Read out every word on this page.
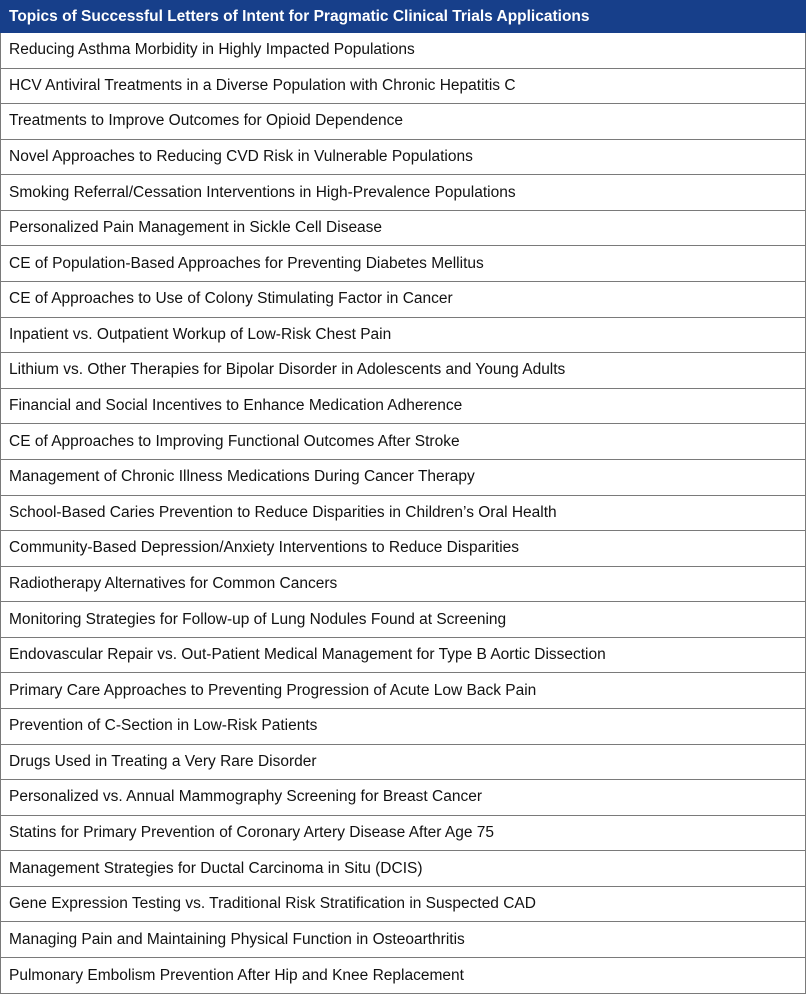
Topics of Successful Letters of Intent for Pragmatic Clinical Trials Applications
Reducing Asthma Morbidity in Highly Impacted Populations
HCV Antiviral Treatments in a Diverse Population with Chronic Hepatitis C
Treatments to Improve Outcomes for Opioid Dependence
Novel Approaches to Reducing CVD Risk in Vulnerable Populations
Smoking Referral/Cessation Interventions in High-Prevalence Populations
Personalized Pain Management in Sickle Cell Disease
CE of Population-Based Approaches for Preventing Diabetes Mellitus
CE of Approaches to Use of Colony Stimulating Factor in Cancer
Inpatient vs. Outpatient Workup of Low-Risk Chest Pain
Lithium vs. Other Therapies for Bipolar Disorder in Adolescents and Young Adults
Financial and Social Incentives to Enhance Medication Adherence
CE of Approaches to Improving Functional Outcomes After Stroke
Management of Chronic Illness Medications During Cancer Therapy
School-Based Caries Prevention to Reduce Disparities in Children’s Oral Health
Community-Based Depression/Anxiety Interventions to Reduce Disparities
Radiotherapy Alternatives for Common Cancers
Monitoring Strategies for Follow-up of Lung Nodules Found at Screening
Endovascular Repair vs. Out-Patient Medical Management for Type B Aortic Dissection
Primary Care Approaches to Preventing Progression of Acute Low Back Pain
Prevention of C-Section in Low-Risk Patients
Drugs Used in Treating a Very Rare Disorder
Personalized vs. Annual Mammography Screening for Breast Cancer
Statins for Primary Prevention of Coronary Artery Disease After Age 75
Management Strategies for Ductal Carcinoma in Situ (DCIS)
Gene Expression Testing vs. Traditional Risk Stratification in Suspected CAD
Managing Pain and Maintaining Physical Function in Osteoarthritis
Pulmonary Embolism Prevention After Hip and Knee Replacement
